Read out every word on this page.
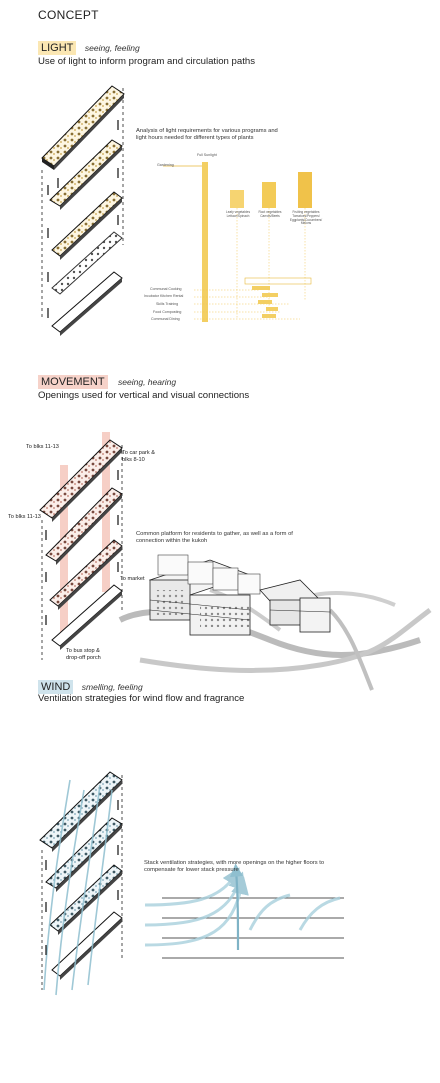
CONCEPT
LIGHT seeing, feeling
Use of light to inform program and circulation paths
Analysis of light requirements for various programs and light hours needed for different types of plants
Full Sunlight
Gardening
Leafy vegetables
Lettuce/Spinach
Root vegetables
Carrots/Beets
Fruiting vegetables
Tomatoes/Peppers/
Eggplants/Cucumbers/
Melons
Communal Cooking
Incubator Kitchen Rental
Skills Training
Food Composting
Communal Dining
MOVEMENT seeing, hearing
Openings used for vertical and visual connections
To blks 11-13
To car park &
blks 8-10
To blks 11-13
To market
To bus stop &
drop-off porch
Common platform for residents to gather, as well as a form of connection within the kukoh
WIND smelling, feeling
Ventilation strategies for wind flow and fragrance
Stack ventilation strategies, with more openings on the higher floors to compensate for lower stack pressure
